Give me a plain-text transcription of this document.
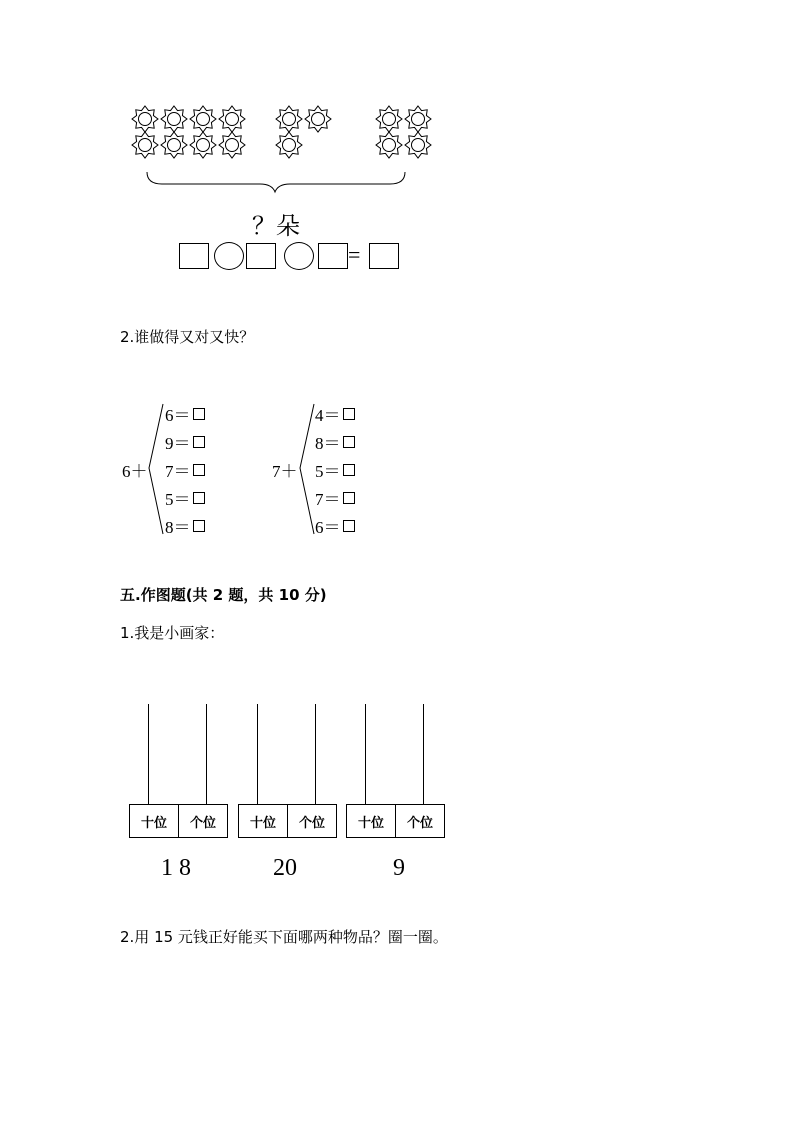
？朵
=
2.谁做得又对又快？
6＋	7＋
6＝
9＝
7＝
5＝
8＝
4＝
8＝
5＝
7＝
6＝
五.作图题(共 2 题，共 10 分)
1.我是小画家：
十位	个位
1 8
十位	个位
20
十位	个位
9
2.用 15 元钱正好能买下面哪两种物品？圈一圈。
